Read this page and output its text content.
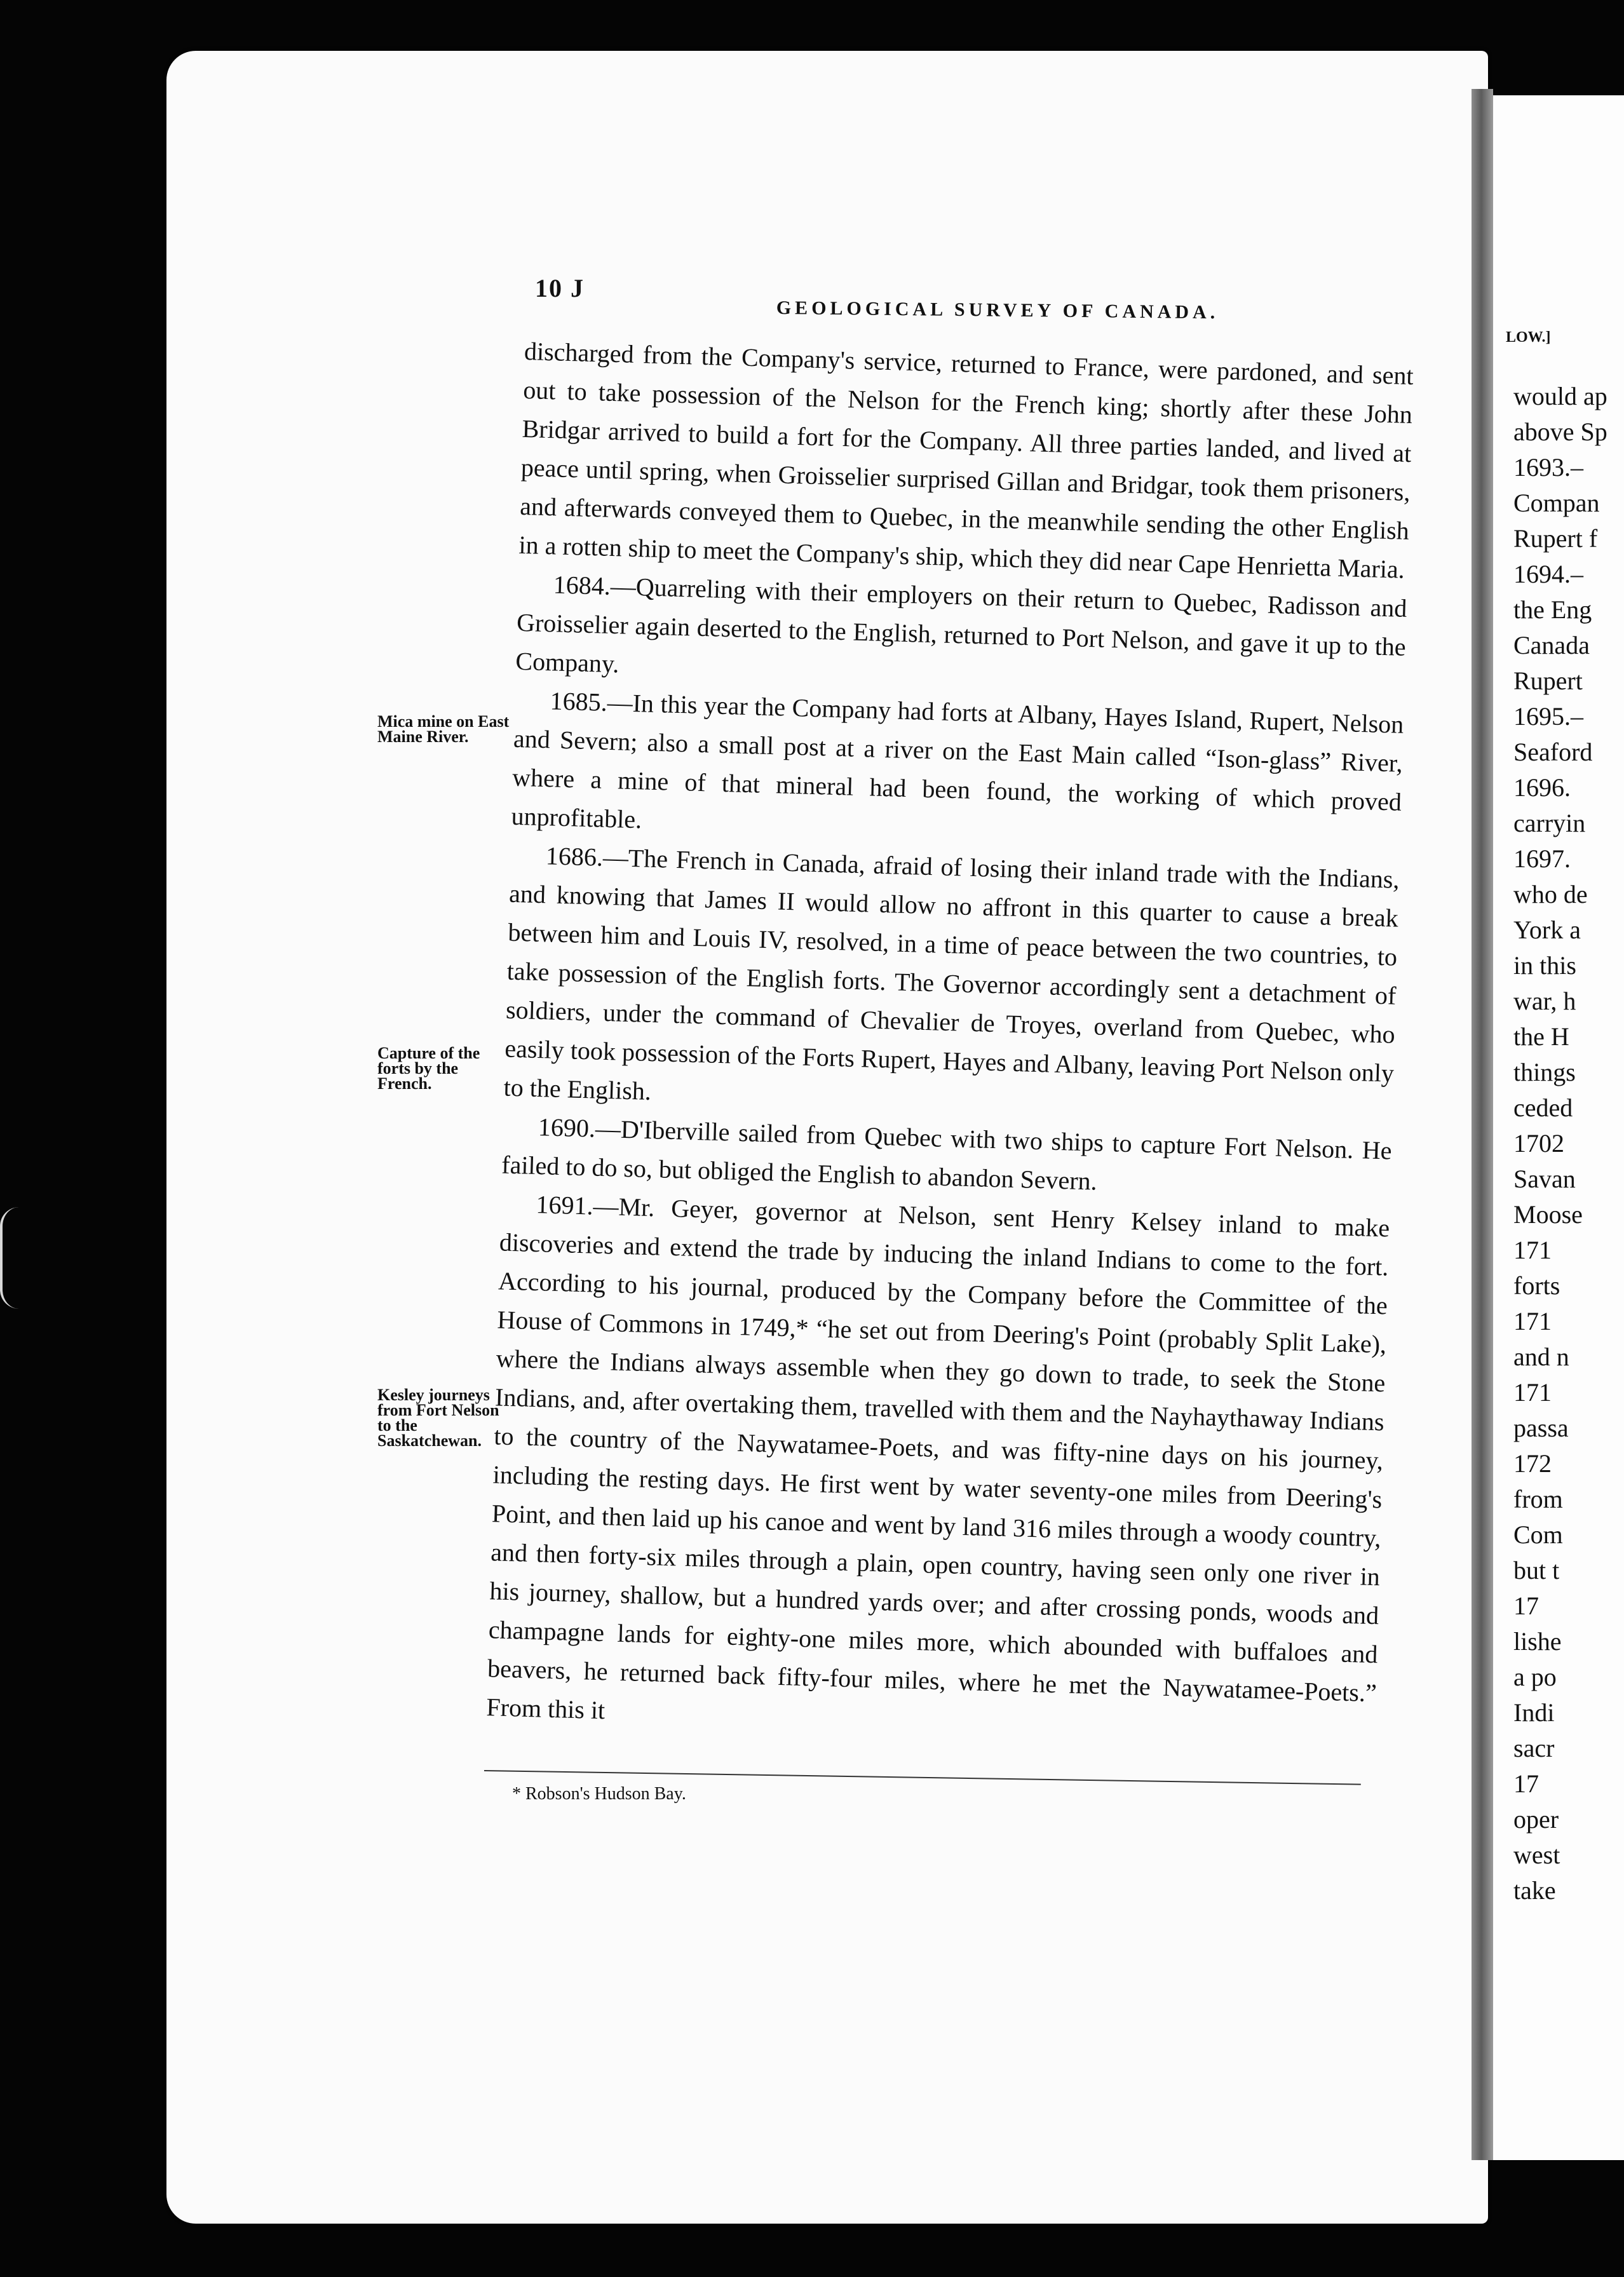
10 J
GEOLOGICAL SURVEY OF CANADA.
LOW.]

discharged from the Company's service, returned to France, were pardoned, and sent out to take possession of the Nelson for the French king; shortly after these John Bridgar arrived to build a fort for the Company. All three parties landed, and lived at peace until spring, when Groisselier surprised Gillan and Bridgar, took them prisoners, and afterwards conveyed them to Quebec, in the meanwhile sending the other English in a rotten ship to meet the Company's ship, which they did near Cape Henrietta Maria.

1684.—Quarreling with their employers on their return to Quebec, Radisson and Groisselier again deserted to the English, returned to Port Nelson, and gave it up to the Company.

1685.—In this year the Company had forts at Albany, Hayes Island, Rupert, Nelson and Severn; also a small post at a river on the East Main called “Ison-glass” River, where a mine of that mineral had been found, the working of which proved unprofitable.

1686.—The French in Canada, afraid of losing their inland trade with the Indians, and knowing that James II would allow no affront in this quarter to cause a break between him and Louis IV, resolved, in a time of peace between the two countries, to take possession of the English forts. The Governor accordingly sent a detachment of soldiers, under the command of Chevalier de Troyes, overland from Quebec, who easily took possession of the Forts Rupert, Hayes and Albany, leaving Port Nelson only to the English.

1690.—D'Iberville sailed from Quebec with two ships to capture Fort Nelson. He failed to do so, but obliged the English to abandon Severn.

1691.—Mr. Geyer, governor at Nelson, sent Henry Kelsey inland to make discoveries and extend the trade by inducing the inland Indians to come to the fort. According to his journal, produced by the Company before the Committee of the House of Commons in 1749,* “he set out from Deering's Point (probably Split Lake), where the Indians always assemble when they go down to trade, to seek the Stone Indians, and, after overtaking them, travelled with them and the Nayhaythaway Indians to the country of the Naywatamee-Poets, and was fifty-nine days on his journey, including the resting days. He first went by water seventy-one miles from Deering's Point, and then laid up his canoe and went by land 316 miles through a woody country, and then forty-six miles through a plain, open country, having seen only one river in his journey, shallow, but a hundred yards over; and after crossing ponds, woods and champagne lands for eighty-one miles more, which abounded with buffaloes and beavers, he returned back fifty-four miles, where he met the Naywatamee-Poets.” From this it

Mica mine on East Maine River.
Capture of the forts by the French.
Kesley journeys from Fort Nelson to the Saskatchewan.
* Robson's Hudson Bay.
would ap
above Sp
1693.–
Compan
Rupert f
1694.–
the Eng
Canada
Rupert
1695.–
Seaford
1696.
carryin
1697.
who de
York a
in this
war, h
the H
things
ceded
1702
Savan
Moose
171
forts
171
and n
171
passa
172
from
Com
but t
17
lishe
a po
Indi
sacr
17
oper
west
take
